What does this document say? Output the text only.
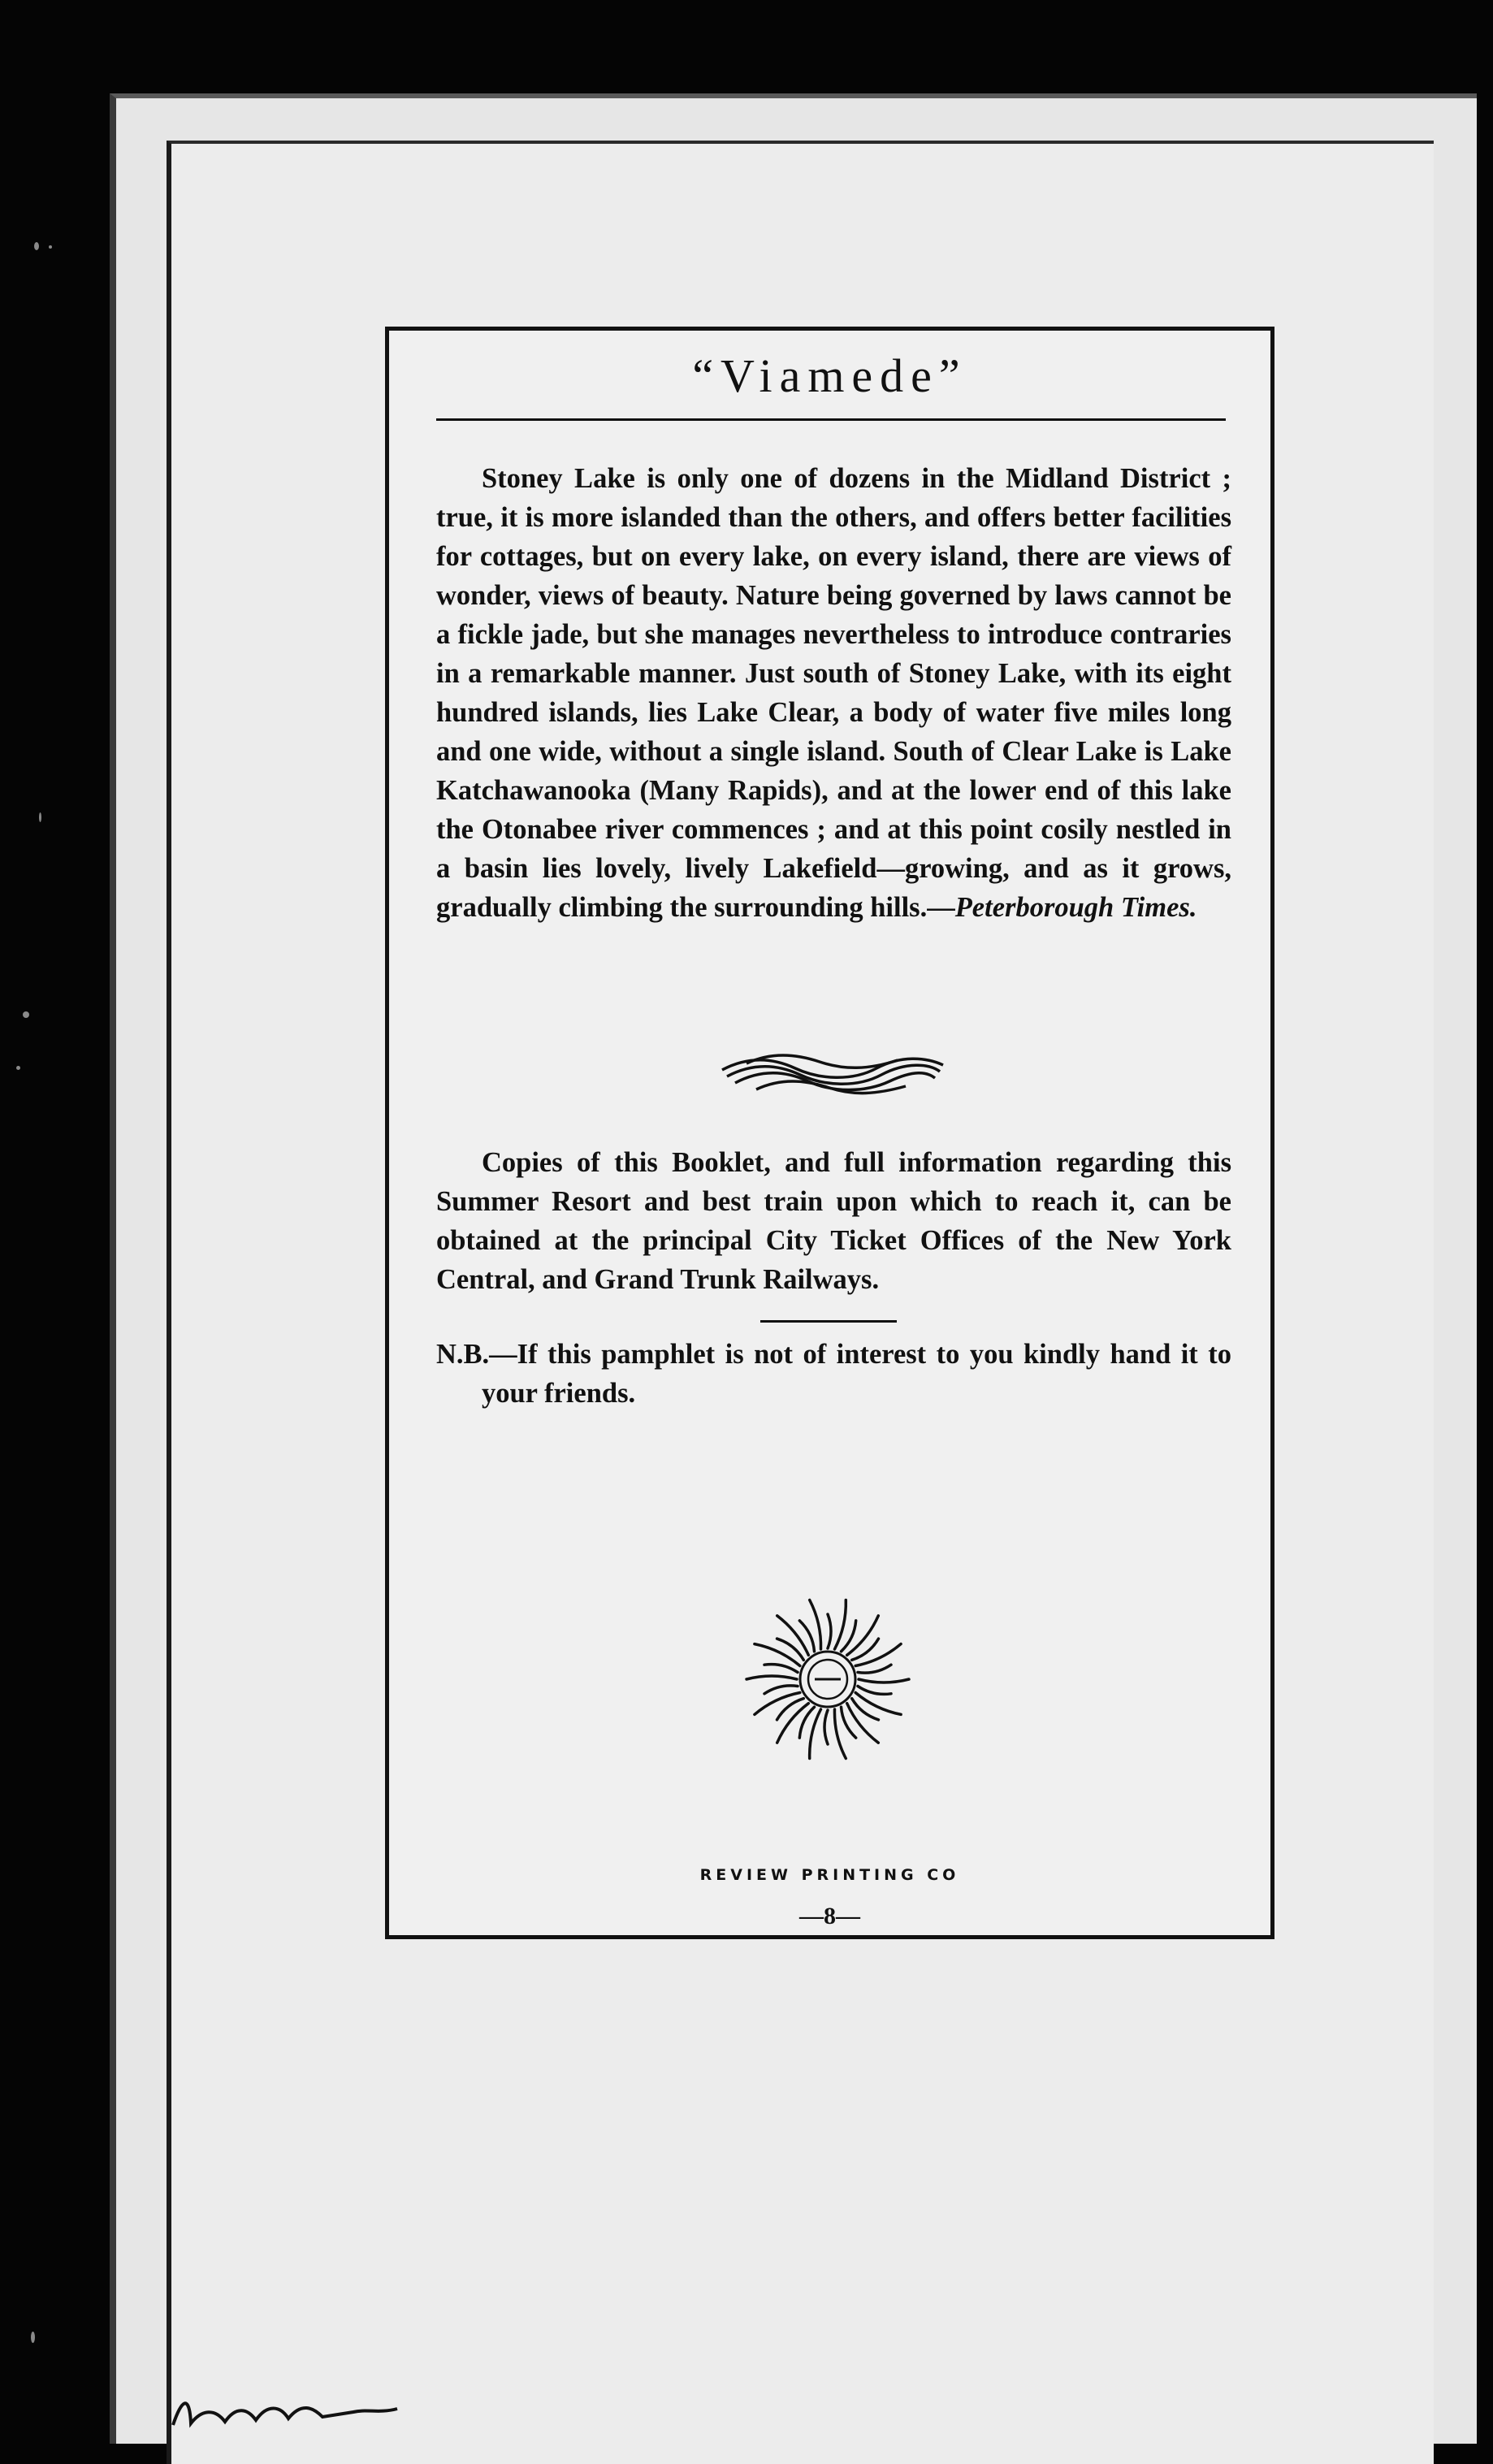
“Viamede”

Stoney Lake is only one of dozens in the Midland District ; true, it is more islanded than the others, and offers better facilities for cottages, but on every lake, on every island, there are views of wonder, views of beauty. Nature being governed by laws cannot be a fickle jade, but she manages nevertheless to introduce contraries in a remarkable manner. Just south of Stoney Lake, with its eight hundred islands, lies Lake Clear, a body of water five miles long and one wide, without a single island. South of Clear Lake is Lake Katchawanooka (Many Rapids), and at the lower end of this lake the Otonabee river commences ; and at this point cosily nestled in a basin lies lovely, lively Lakefield—growing, and as it grows, gradually climbing the surrounding hills.—Peterborough Times.

Copies of this Booklet, and full information regarding this Summer Resort and best train upon which to reach it, can be obtained at the principal City Ticket Offices of the New York Central, and Grand Trunk Railways.

N.B.—If this pamphlet is not of interest to you kindly hand it to your friends.

REVIEW PRINTING CO
—8—
